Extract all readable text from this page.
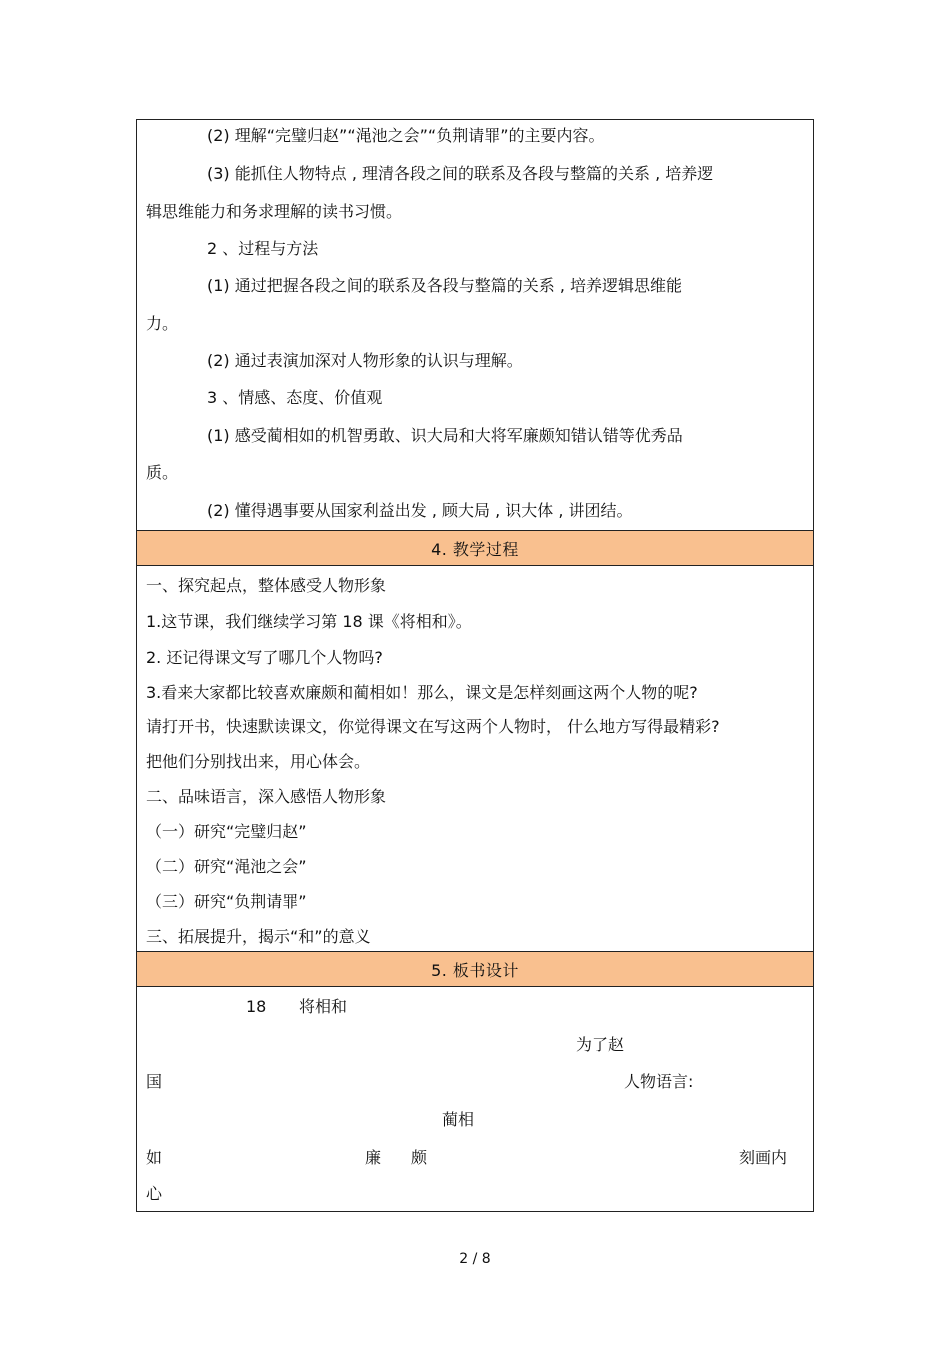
(2) 理解“完璧归赵”“渑池之会”“负荆请罪”的主要内容。
(3) 能抓住人物特点 , 理清各段之间的联系及各段与整篇的关系 , 培养逻
辑思维能力和务求理解的读书习惯。
2 、过程与方法
(1) 通过把握各段之间的联系及各段与整篇的关系 , 培养逻辑思维能
力。
(2) 通过表演加深对人物形象的认识与理解。
3 、情感、态度、价值观
(1) 感受蔺相如的机智勇敢、识大局和大将军廉颇知错认错等优秀品
质。
(2) 懂得遇事要从国家利益出发 , 顾大局 , 识大体 , 讲团结。
4. 教学过程
一、探究起点，整体感受人物形象
1.这节课，我们继续学习第 18 课《将相和》。
2. 还记得课文写了哪几个人物吗?
3.看来大家都比较喜欢廉颇和蔺相如！那么，课文是怎样刻画这两个人物的呢?
请打开书，快速默读课文，你觉得课文在写这两个人物时， 什么地方写得最精彩?
把他们分别找出来，用心体会。
二、品味语言，深入感悟人物形象
（一）研究“完璧归赵”
（二）研究“渑池之会”
（三）研究“负荆请罪”
三、拓展提升，揭示“和”的意义
5. 板书设计
18 将相和
为了赵
国	人物语言:
蔺相
如	廉 颇	刻画内
心
2 / 8
